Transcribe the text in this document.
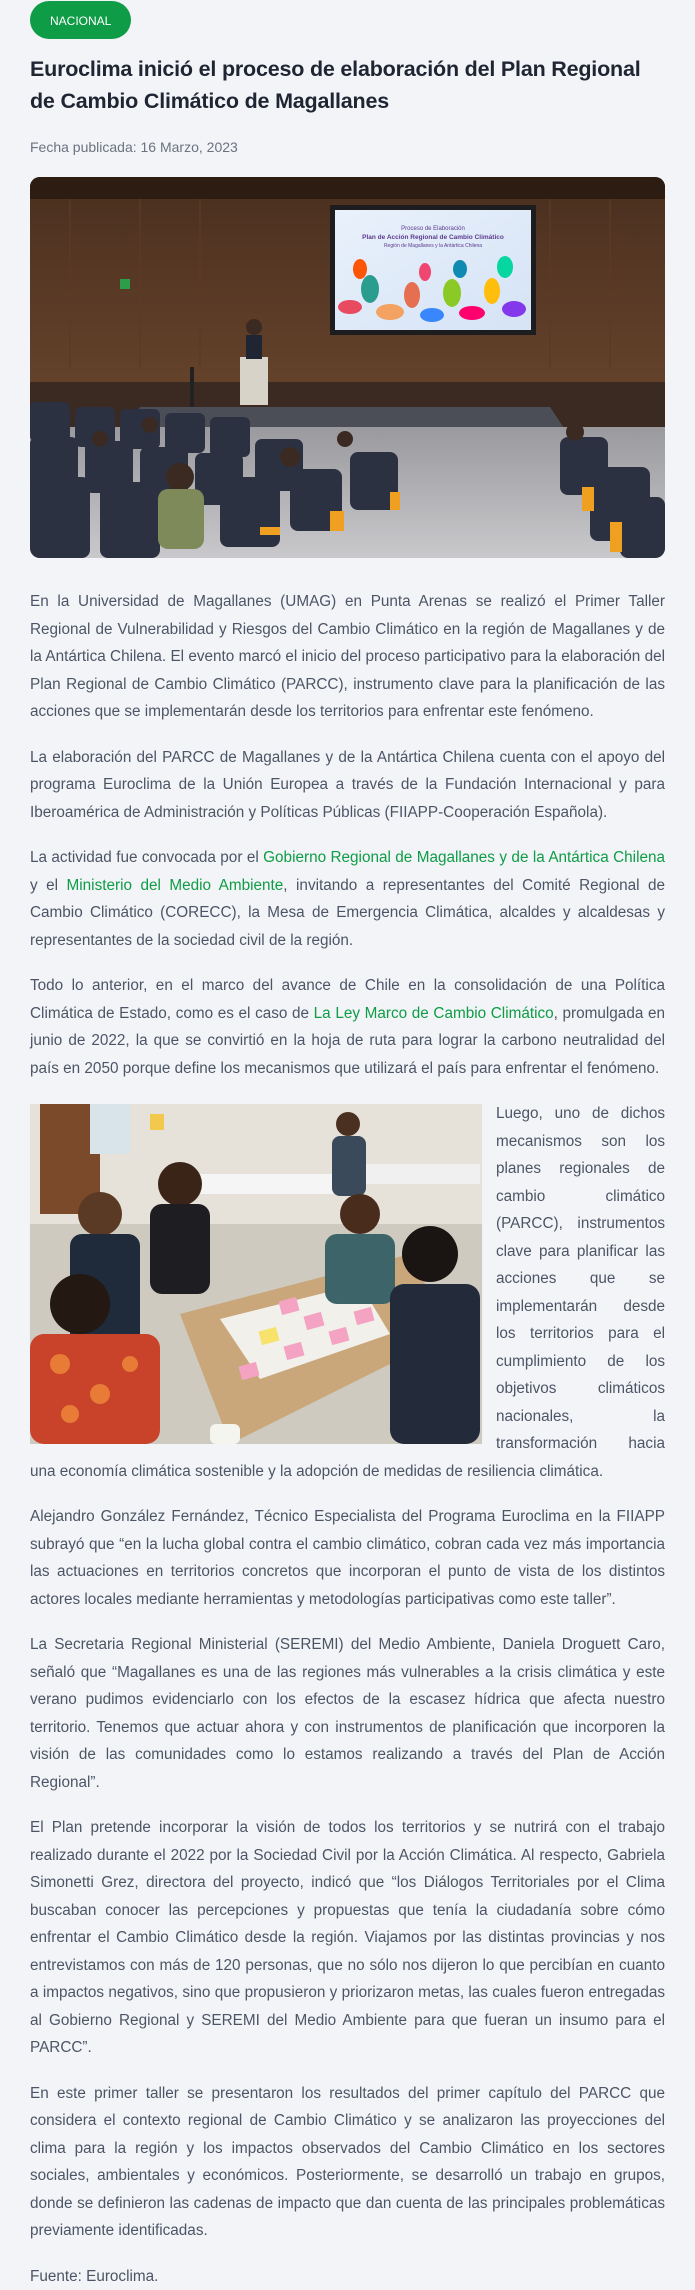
NACIONAL
Euroclima inició el proceso de elaboración del Plan Regional de Cambio Climático de Magallanes
Fecha publicada: 16 Marzo, 2023
Proceso de Elaboración
Plan de Acción Regional de Cambio Climático
Región de Magallanes y la Antártica Chilena

En la Universidad de Magallanes (UMAG) en Punta Arenas se realizó el Primer Taller Regional de Vulnerabilidad y Riesgos del Cambio Climático en la región de Magallanes y de la Antártica Chilena. El evento marcó el inicio del proceso participativo para la elaboración del Plan Regional de Cambio Climático (PARCC), instrumento clave para la planificación de las acciones que se implementarán desde los territorios para enfrentar este fenómeno.

La elaboración del PARCC de Magallanes y de la Antártica Chilena cuenta con el apoyo del programa Euroclima de la Unión Europea a través de la Fundación Internacional y para Iberoamérica de Administración y Políticas Públicas (FIIAPP-Cooperación Española).

La actividad fue convocada por el Gobierno Regional de Magallanes y de la Antártica Chilena y el Ministerio del Medio Ambiente, invitando a representantes del Comité Regional de Cambio Climático (CORECC), la Mesa de Emergencia Climática, alcaldes y alcaldesas y representantes de la sociedad civil de la región.

Todo lo anterior, en el marco del avance de Chile en la consolidación de una Política Climática de Estado, como es el caso de La Ley Marco de Cambio Climático, promulgada en junio de 2022, la que se convirtió en la hoja de ruta para lograr la carbono neutralidad del país en 2050 porque define los mecanismos que utilizará el país para enfrentar el fenómeno.

Luego, uno de dichos mecanismos son los planes regionales de cambio climático (PARCC), instrumentos clave para planificar las acciones que se implementarán desde los territorios para el cumplimiento de los objetivos climáticos nacionales, la transformación hacia una economía climática sostenible y la adopción de medidas de resiliencia climática.

Alejandro González Fernández, Técnico Especialista del Programa Euroclima en la FIIAPP subrayó que “en la lucha global contra el cambio climático, cobran cada vez más importancia las actuaciones en territorios concretos que incorporan el punto de vista de los distintos actores locales mediante herramientas y metodologías participativas como este taller”.

La Secretaria Regional Ministerial (SEREMI) del Medio Ambiente, Daniela Droguett Caro, señaló que “Magallanes es una de las regiones más vulnerables a la crisis climática y este verano pudimos evidenciarlo con los efectos de la escasez hídrica que afecta nuestro territorio. Tenemos que actuar ahora y con instrumentos de planificación que incorporen la visión de las comunidades como lo estamos realizando a través del Plan de Acción Regional”.

El Plan pretende incorporar la visión de todos los territorios y se nutrirá con el trabajo realizado durante el 2022 por la Sociedad Civil por la Acción Climática. Al respecto, Gabriela Simonetti Grez, directora del proyecto, indicó que “los Diálogos Territoriales por el Clima buscaban conocer las percepciones y propuestas que tenía la ciudadanía sobre cómo enfrentar el Cambio Climático desde la región. Viajamos por las distintas provincias y nos entrevistamos con más de 120 personas, que no sólo nos dijeron lo que percibían en cuanto a impactos negativos, sino que propusieron y priorizaron metas, las cuales fueron entregadas al Gobierno Regional y SEREMI del Medio Ambiente para que fueran un insumo para el PARCC”.

En este primer taller se presentaron los resultados del primer capítulo del PARCC que considera el contexto regional de Cambio Climático y se analizaron las proyecciones del clima para la región y los impactos observados del Cambio Climático en los sectores sociales, ambientales y económicos. Posteriormente, se desarrolló un trabajo en grupos, donde se definieron las cadenas de impacto que dan cuenta de las principales problemáticas previamente identificadas.

Fuente: Euroclima.
